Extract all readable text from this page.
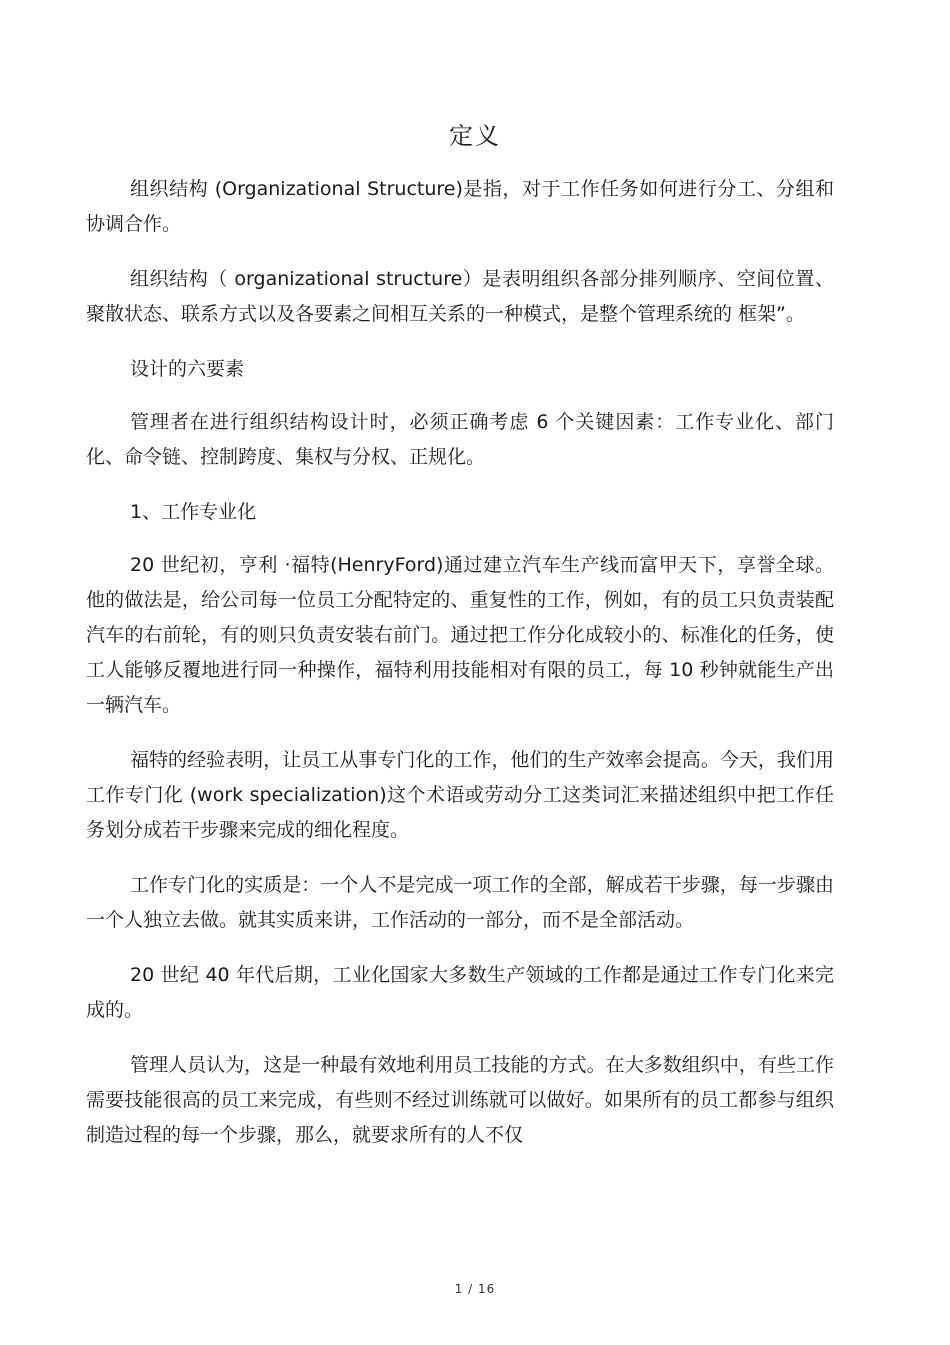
定义

组织结构 (Organizational Structure)是指，对于工作任务如何进行分工、分组和协调合作。

组织结构（ organizational structure）是表明组织各部分排列顺序、空间位置、聚散状态、联系方式以及各要素之间相互关系的一种模式，是整个管理系统的 框架”。

设计的六要素

管理者在进行组织结构设计时，必须正确考虑 6 个关键因素：工作专业化、部门化、命令链、控制跨度、集权与分权、正规化。

1、工作专业化

20 世纪初，亨利 ·福特(HenryFord)通过建立汽车生产线而富甲天下，享誉全球。他的做法是，给公司每一位员工分配特定的、重复性的工作，例如，有的员工只负责装配汽车的右前轮，有的则只负责安装右前门。通过把工作分化成较小的、标准化的任务，使工人能够反覆地进行同一种操作，福特利用技能相对有限的员工，每 10 秒钟就能生产出一辆汽车。

福特的经验表明，让员工从事专门化的工作，他们的生产效率会提高。今天，我们用工作专门化 (work specialization)这个术语或劳动分工这类词汇来描述组织中把工作任务划分成若干步骤来完成的细化程度。

工作专门化的实质是：一个人不是完成一项工作的全部，解成若干步骤，每一步骤由一个人独立去做。就其实质来讲，工作活动的一部分，而不是全部活动。

20 世纪 40 年代后期，工业化国家大多数生产领域的工作都是通过工作专门化来完成的。

管理人员认为，这是一种最有效地利用员工技能的方式。在大多数组织中，有些工作需要技能很高的员工来完成，有些则不经过训练就可以做好。如果所有的员工都参与组织制造过程的每一个步骤，那么，就要求所有的人不仅

1 / 16
